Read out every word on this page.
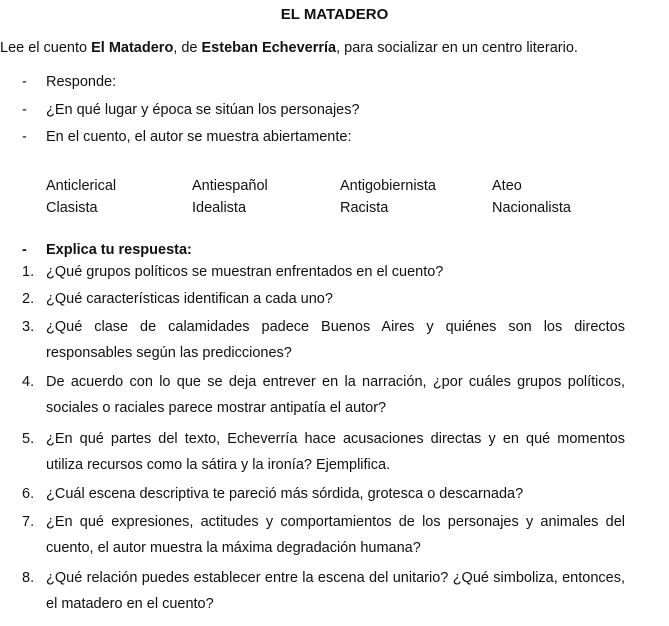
EL MATADERO
Lee el cuento El Matadero, de Esteban Echeverría, para socializar en un centro literario.
- Responde:
- ¿En qué lugar y época se sitúan los personajes?
- En el cuento, el autor se muestra abiertamente:
Anticlerical	Antiespañol	Antigobiernista	Ateo
Clasista	Idealista	Racista	Nacionalista
- Explica tu respuesta:
1. ¿Qué grupos políticos se muestran enfrentados en el cuento?
2. ¿Qué características identifican a cada uno?
3. ¿Qué clase de calamidades padece Buenos Aires y quiénes son los directos responsables según las predicciones?
4. De acuerdo con lo que se deja entrever en la narración, ¿por cuáles grupos políticos, sociales o raciales parece mostrar antipatía el autor?
5. ¿En qué partes del texto, Echeverría hace acusaciones directas y en qué momentos utiliza recursos como la sátira y la ironía? Ejemplifica.
6. ¿Cuál escena descriptiva te pareció más sórdida, grotesca o descarnada?
7. ¿En qué expresiones, actitudes y comportamientos de los personajes y animales del cuento, el autor muestra la máxima degradación humana?
8. ¿Qué relación puedes establecer entre la escena del unitario? ¿Qué simboliza, entonces, el matadero en el cuento?
